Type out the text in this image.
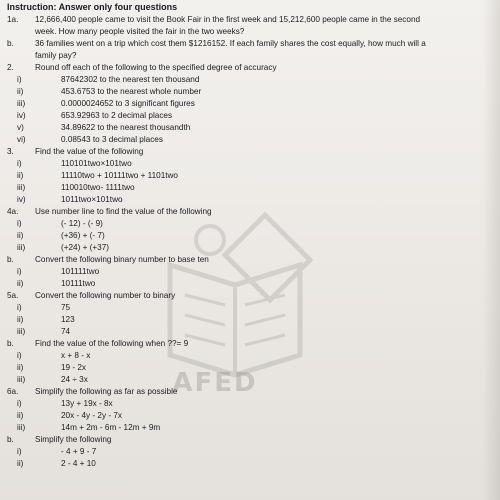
AFED
Instruction: Answer only four questions
1a.	12,666,400 people came to visit the Book Fair in the first week and 15,212,600 people came in the second
week. How many people visited the fair in the two weeks?
b.	36 families went on a trip which cost them $1216152. If each family shares the cost equally, how much will a
family pay?
2.	Round off each of the following to the specified degree of accuracy
i)	87642302 to the nearest ten thousand
ii)	453.6753 to the nearest whole number
iii)	0.0000024652 to 3 significant figures
iv)	653.92963 to 2 decimal places
v)	34.89622 to the nearest thousandth
vi)	0.08543 to 3 decimal places
3.	Find the value of the following
i)	110101two×101two
ii)	11110two + 10111two + 1101two
iii)	110010two- 1111two
iv)	1011two×101two
4a.	Use number line to find the value of the following
i)	(- 12) - (- 9)
ii)	(+36) + (- 7)
iii)	(+24) + (+37)
b.	Convert the following binary number to base ten
i)	101111two
ii)	10111two
5a.	Convert the following number to binary
i)	75
ii)	123
iii)	74
b.	Find the value of the following when ??= 9
i)	x + 8 - x
ii)	19 - 2x
iii)	24 ÷ 3x
6a.	Simplify the following as far as possible
i)	13y + 19x - 8x
ii)	20x - 4y - 2y - 7x
iii)	14m + 2m - 6m - 12m + 9m
b.	Simplify the following
i)	- 4 + 9 - 7
ii)	2 - 4 + 10
